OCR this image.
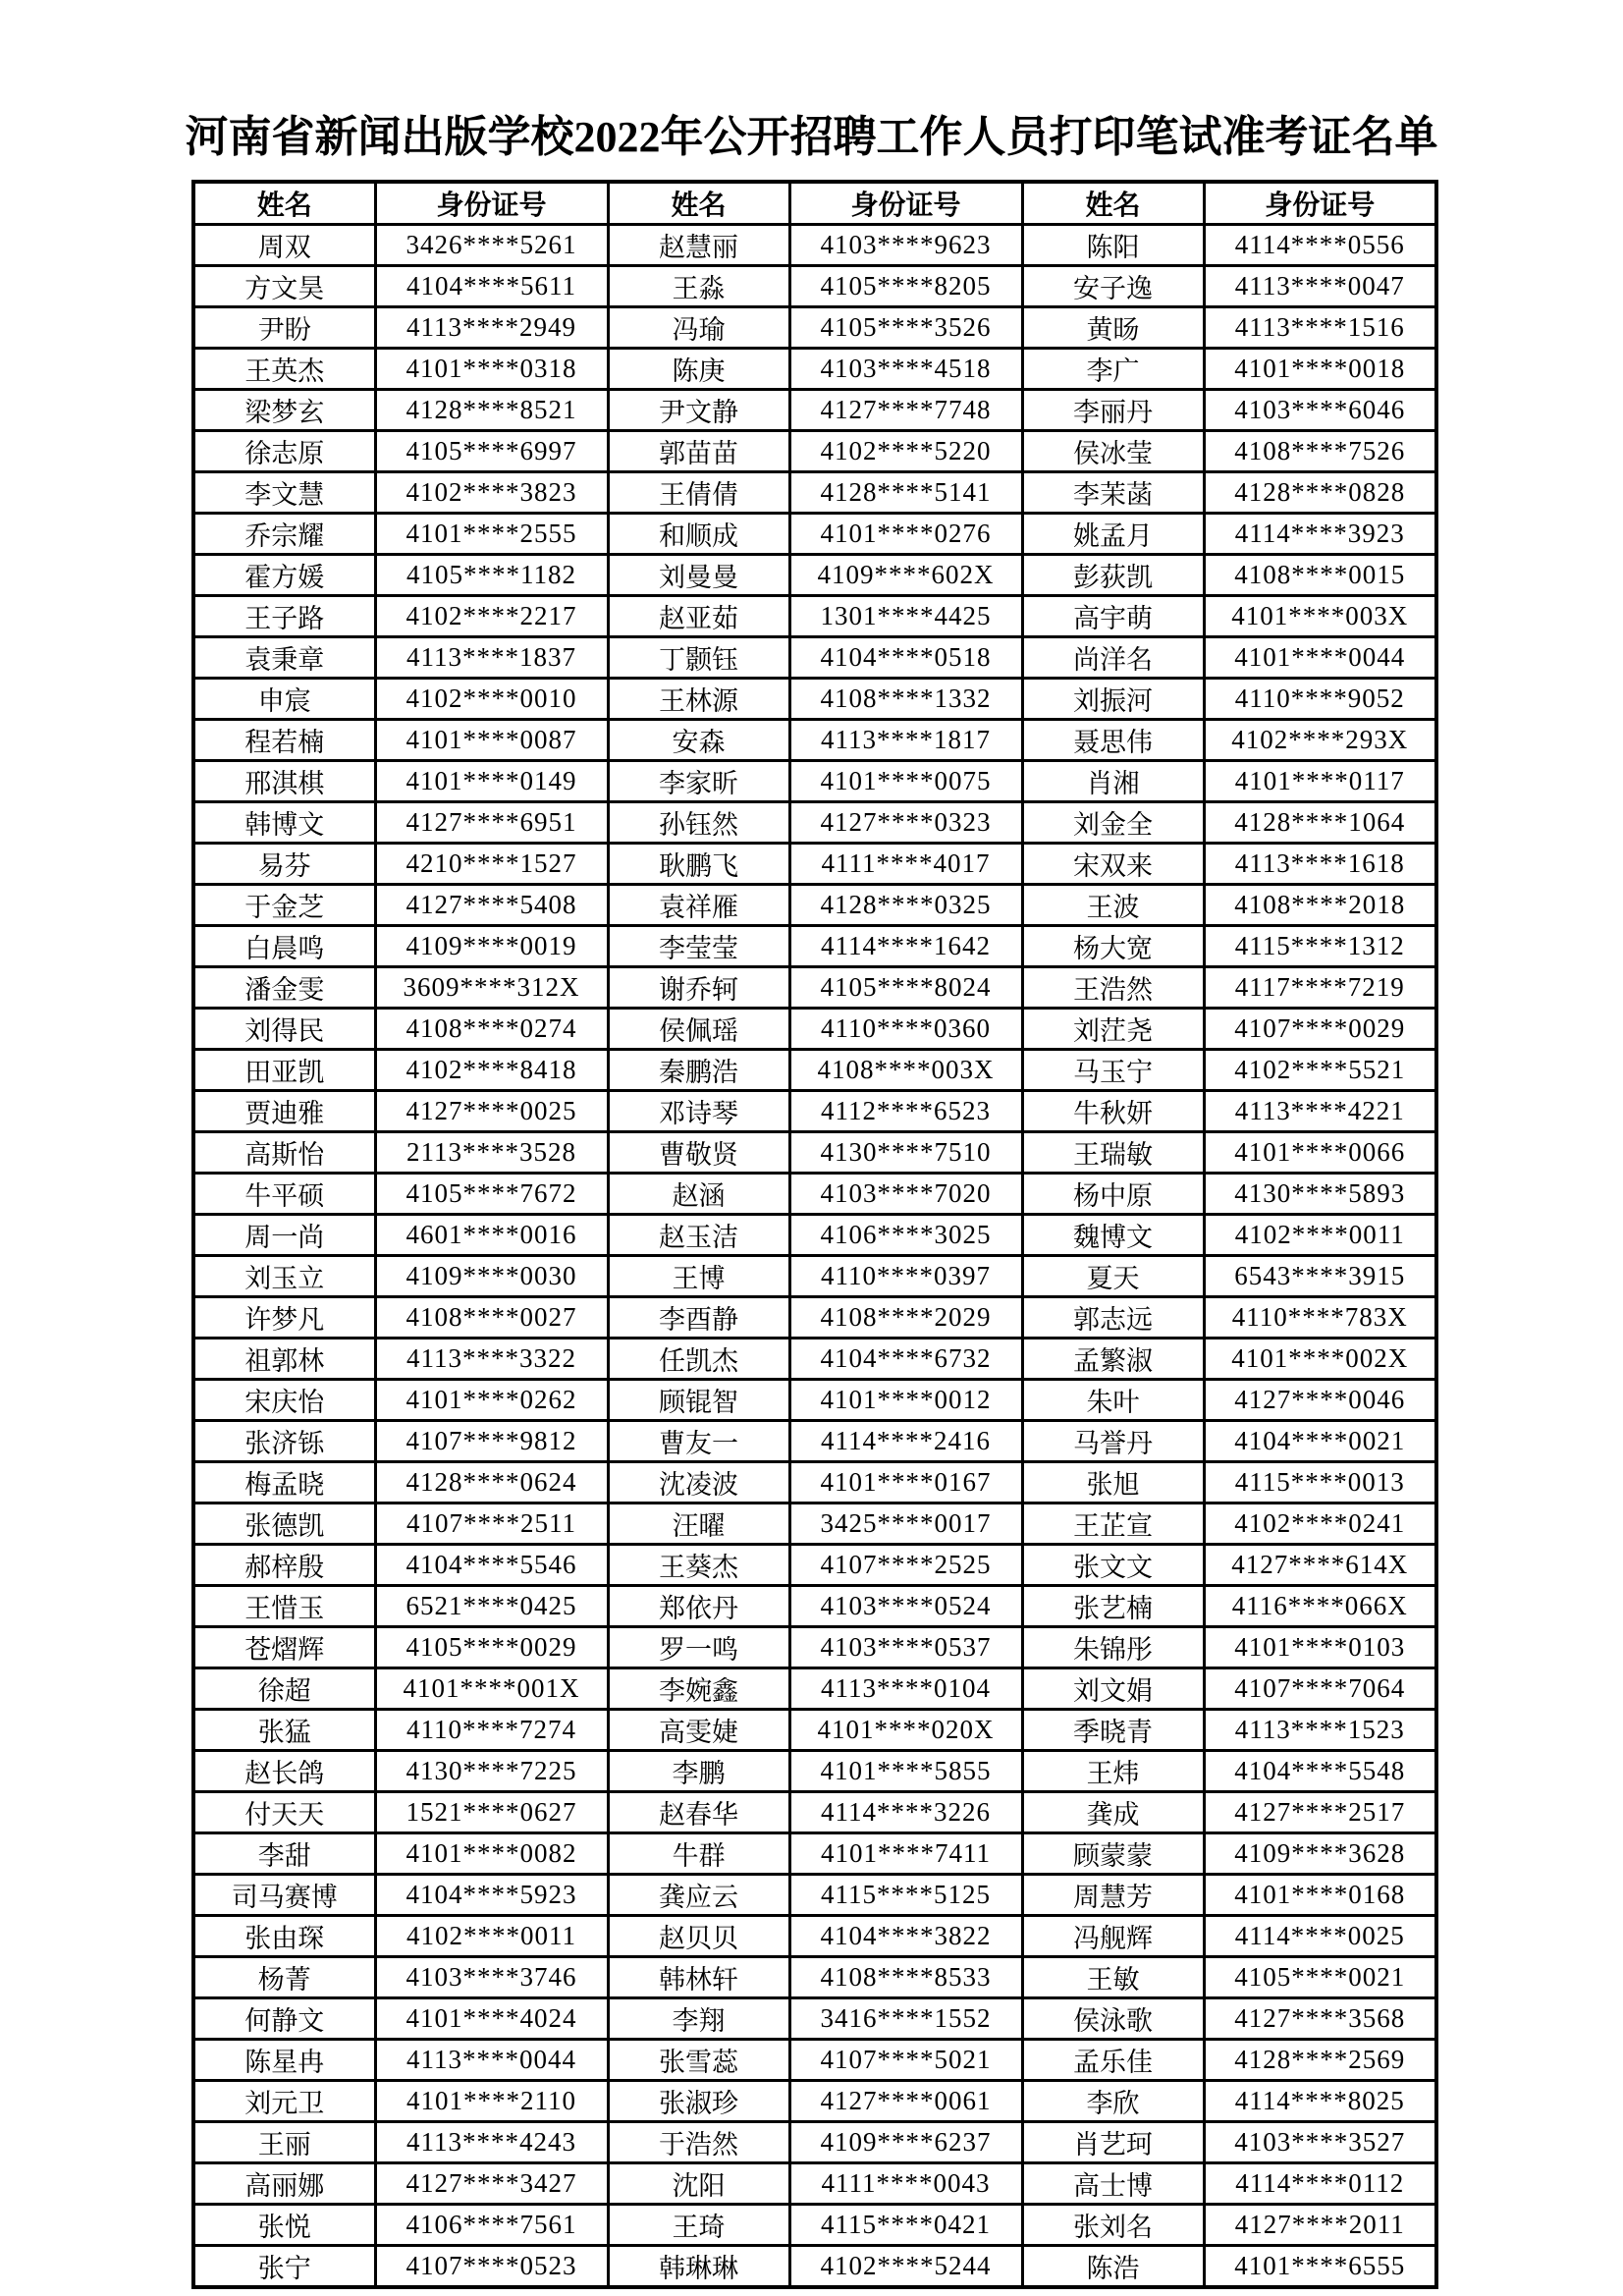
河南省新闻出版学校2022年公开招聘工作人员打印笔试准考证名单
姓名	身份证号	姓名	身份证号	姓名	身份证号
周双	3426****5261	赵慧丽	4103****9623	陈阳	4114****0556
方文昊	4104****5611	王淼	4105****8205	安子逸	4113****0047
尹盼	4113****2949	冯瑜	4105****3526	黄旸	4113****1516
王英杰	4101****0318	陈庚	4103****4518	李广	4101****0018
梁梦玄	4128****8521	尹文静	4127****7748	李丽丹	4103****6046
徐志原	4105****6997	郭苗苗	4102****5220	侯冰莹	4108****7526
李文慧	4102****3823	王倩倩	4128****5141	李茉菡	4128****0828
乔宗耀	4101****2555	和顺成	4101****0276	姚孟月	4114****3923
霍方媛	4105****1182	刘曼曼	4109****602X	彭荻凯	4108****0015
王子路	4102****2217	赵亚茹	1301****4425	高宇萌	4101****003X
袁秉章	4113****1837	丁颢钰	4104****0518	尚洋名	4101****0044
申宸	4102****0010	王林源	4108****1332	刘振河	4110****9052
程若楠	4101****0087	安森	4113****1817	聂思伟	4102****293X
邢淇棋	4101****0149	李家昕	4101****0075	肖湘	4101****0117
韩博文	4127****6951	孙钰然	4127****0323	刘金全	4128****1064
易芬	4210****1527	耿鹏飞	4111****4017	宋双来	4113****1618
于金芝	4127****5408	袁祥雁	4128****0325	王波	4108****2018
白晨鸣	4109****0019	李莹莹	4114****1642	杨大宽	4115****1312
潘金雯	3609****312X	谢乔轲	4105****8024	王浩然	4117****7219
刘得民	4108****0274	侯佩瑶	4110****0360	刘茳尧	4107****0029
田亚凯	4102****8418	秦鹏浩	4108****003X	马玉宁	4102****5521
贾迪雅	4127****0025	邓诗琴	4112****6523	牛秋妍	4113****4221
高斯怡	2113****3528	曹敬贤	4130****7510	王瑞敏	4101****0066
牛平硕	4105****7672	赵涵	4103****7020	杨中原	4130****5893
周一尚	4601****0016	赵玉洁	4106****3025	魏博文	4102****0011
刘玉立	4109****0030	王博	4110****0397	夏天	6543****3915
许梦凡	4108****0027	李酉静	4108****2029	郭志远	4110****783X
祖郭林	4113****3322	任凯杰	4104****6732	孟繁淑	4101****002X
宋庆怡	4101****0262	顾锟智	4101****0012	朱叶	4127****0046
张济铄	4107****9812	曹友一	4114****2416	马誉丹	4104****0021
梅孟晓	4128****0624	沈凌波	4101****0167	张旭	4115****0013
张德凯	4107****2511	汪曜	3425****0017	王芷宣	4102****0241
郝梓殷	4104****5546	王葵杰	4107****2525	张文文	4127****614X
王惜玉	6521****0425	郑依丹	4103****0524	张艺楠	4116****066X
苍熠辉	4105****0029	罗一鸣	4103****0537	朱锦彤	4101****0103
徐超	4101****001X	李婉鑫	4113****0104	刘文娟	4107****7064
张猛	4110****7274	高雯婕	4101****020X	季晓青	4113****1523
赵长鸽	4130****7225	李鹏	4101****5855	王炜	4104****5548
付天天	1521****0627	赵春华	4114****3226	龚成	4127****2517
李甜	4101****0082	牛群	4101****7411	顾蒙蒙	4109****3628
司马赛博	4104****5923	龚应云	4115****5125	周慧芳	4101****0168
张由琛	4102****0011	赵贝贝	4104****3822	冯舰辉	4114****0025
杨菁	4103****3746	韩林轩	4108****8533	王敏	4105****0021
何静文	4101****4024	李翔	3416****1552	侯泳歌	4127****3568
陈星冉	4113****0044	张雪蕊	4107****5021	孟乐佳	4128****2569
刘元卫	4101****2110	张淑珍	4127****0061	李欣	4114****8025
王丽	4113****4243	于浩然	4109****6237	肖艺珂	4103****3527
高丽娜	4127****3427	沈阳	4111****0043	高士博	4114****0112
张悦	4106****7561	王琦	4115****0421	张刘名	4127****2011
张宁	4107****0523	韩琳琳	4102****5244	陈浩	4101****6555
